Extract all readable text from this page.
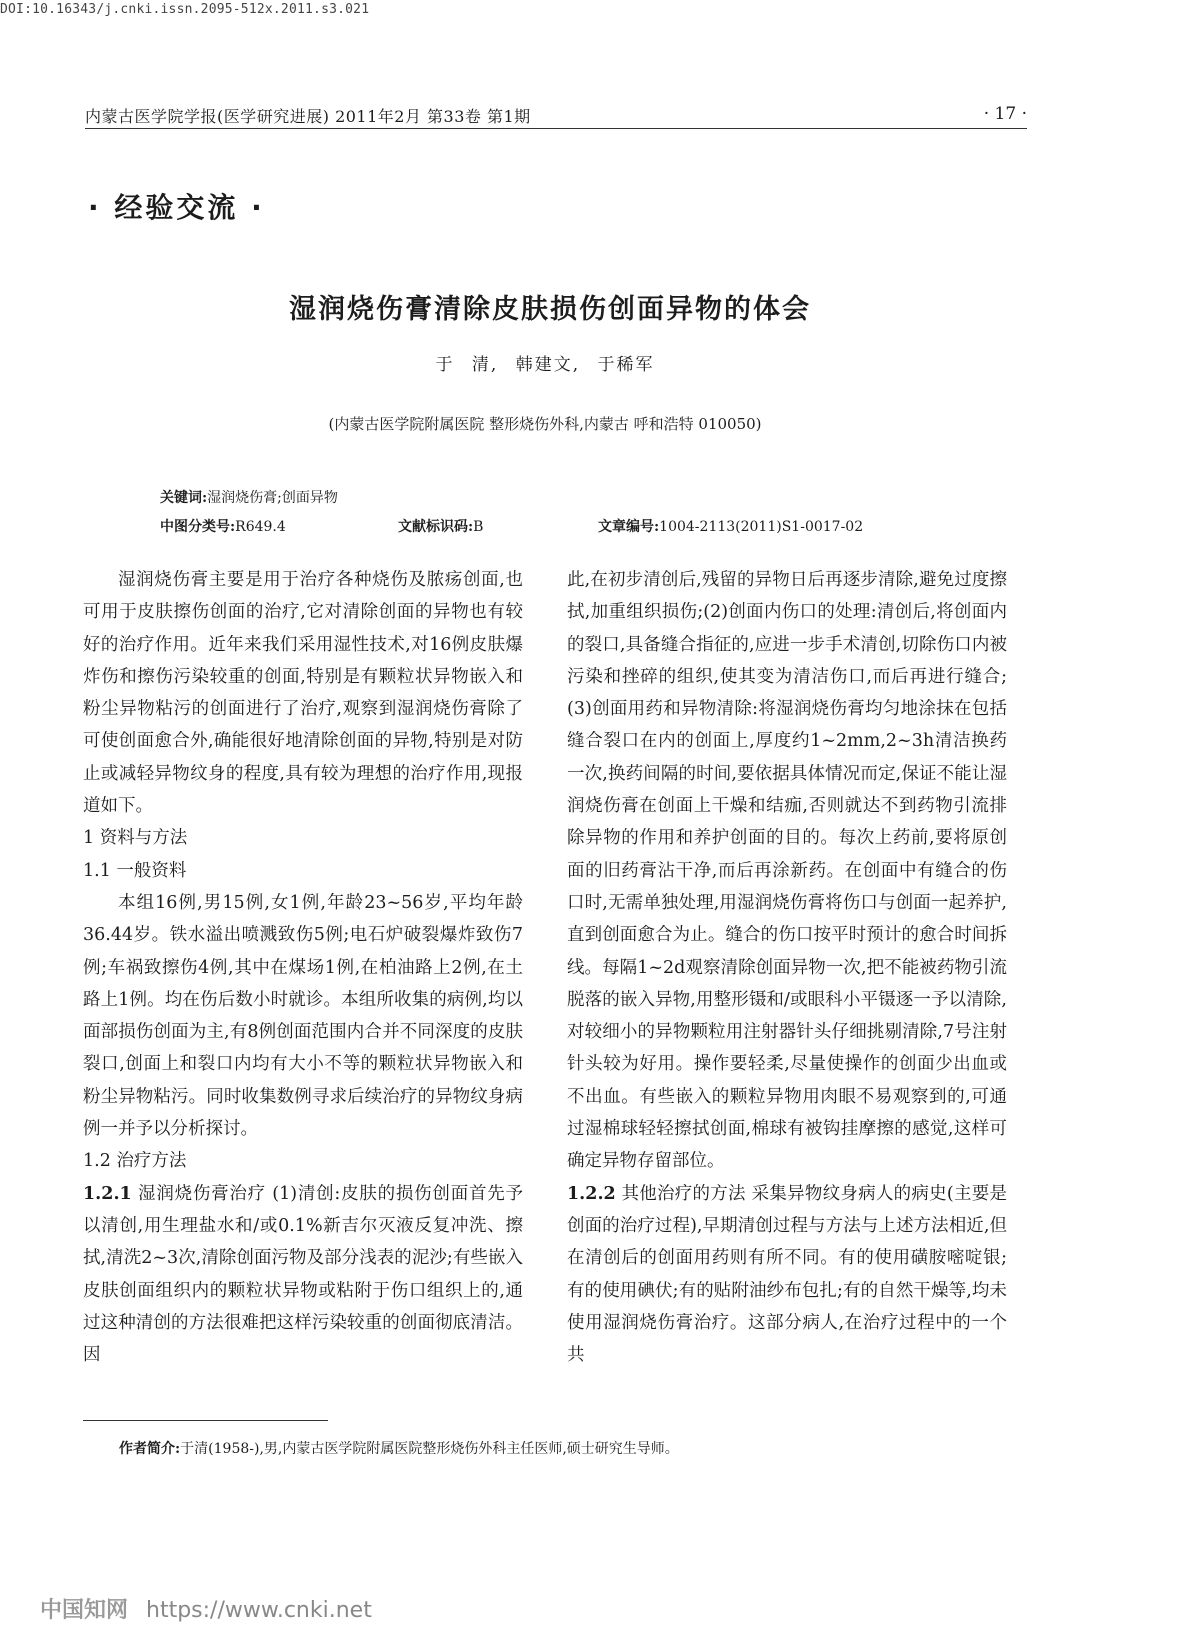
DOI:10.16343/j.cnki.issn.2095-512x.2011.s3.021
内蒙古医学院学报(医学研究进展) 2011年2月 第33卷 第1期	· 17 ·
· 经验交流 ·
湿润烧伤膏清除皮肤损伤创面异物的体会
于 清, 韩建文, 于稀军
(内蒙古医学院附属医院 整形烧伤外科,内蒙古 呼和浩特 010050)
关键词:湿润烧伤膏;创面异物
中图分类号:R649.4	文献标识码:B	文章编号:1004-2113(2011)S1-0017-02

湿润烧伤膏主要是用于治疗各种烧伤及脓疡创面,也可用于皮肤擦伤创面的治疗,它对清除创面的异物也有较好的治疗作用。近年来我们采用湿性技术,对16例皮肤爆炸伤和擦伤污染较重的创面,特别是有颗粒状异物嵌入和粉尘异物粘污的创面进行了治疗,观察到湿润烧伤膏除了可使创面愈合外,确能很好地清除创面的异物,特别是对防止或减轻异物纹身的程度,具有较为理想的治疗作用,现报道如下。

1 资料与方法

1.1 一般资料

本组16例,男15例,女1例,年龄23~56岁,平均年龄36.44岁。铁水溢出喷溅致伤5例;电石炉破裂爆炸致伤7例;车祸致擦伤4例,其中在煤场1例,在柏油路上2例,在土路上1例。均在伤后数小时就诊。本组所收集的病例,均以面部损伤创面为主,有8例创面范围内合并不同深度的皮肤裂口,创面上和裂口内均有大小不等的颗粒状异物嵌入和粉尘异物粘污。同时收集数例寻求后续治疗的异物纹身病例一并予以分析探讨。

1.2 治疗方法

1.2.1 湿润烧伤膏治疗 (1)清创:皮肤的损伤创面首先予以清创,用生理盐水和/或0.1%新吉尔灭液反复冲洗、擦拭,清洗2~3次,清除创面污物及部分浅表的泥沙;有些嵌入皮肤创面组织内的颗粒状异物或粘附于伤口组织上的,通过这种清创的方法很难把这样污染较重的创面彻底清洁。因

此,在初步清创后,残留的异物日后再逐步清除,避免过度擦拭,加重组织损伤;(2)创面内伤口的处理:清创后,将创面内的裂口,具备缝合指征的,应进一步手术清创,切除伤口内被污染和挫碎的组织,使其变为清洁伤口,而后再进行缝合;(3)创面用药和异物清除:将湿润烧伤膏均匀地涂抹在包括缝合裂口在内的创面上,厚度约1~2mm,2~3h清洁换药一次,换药间隔的时间,要依据具体情况而定,保证不能让湿润烧伤膏在创面上干燥和结痂,否则就达不到药物引流排除异物的作用和养护创面的目的。每次上药前,要将原创面的旧药膏沾干净,而后再涂新药。在创面中有缝合的伤口时,无需单独处理,用湿润烧伤膏将伤口与创面一起养护,直到创面愈合为止。缝合的伤口按平时预计的愈合时间拆线。每隔1~2d观察清除创面异物一次,把不能被药物引流脱落的嵌入异物,用整形镊和/或眼科小平镊逐一予以清除,对较细小的异物颗粒用注射器针头仔细挑剔清除,7号注射针头较为好用。操作要轻柔,尽量使操作的创面少出血或不出血。有些嵌入的颗粒异物用肉眼不易观察到的,可通过湿棉球轻轻擦拭创面,棉球有被钩挂摩擦的感觉,这样可确定异物存留部位。

1.2.2 其他治疗的方法 采集异物纹身病人的病史(主要是创面的治疗过程),早期清创过程与方法与上述方法相近,但在清创后的创面用药则有所不同。有的使用磺胺嘧啶银;有的使用碘伏;有的贴附油纱布包扎;有的自然干燥等,均未使用湿润烧伤膏治疗。这部分病人,在治疗过程中的一个共

作者简介:于清(1958-),男,内蒙古医学院附属医院整形烧伤外科主任医师,硕士研究生导师。
中国知网 https://www.cnki.net
